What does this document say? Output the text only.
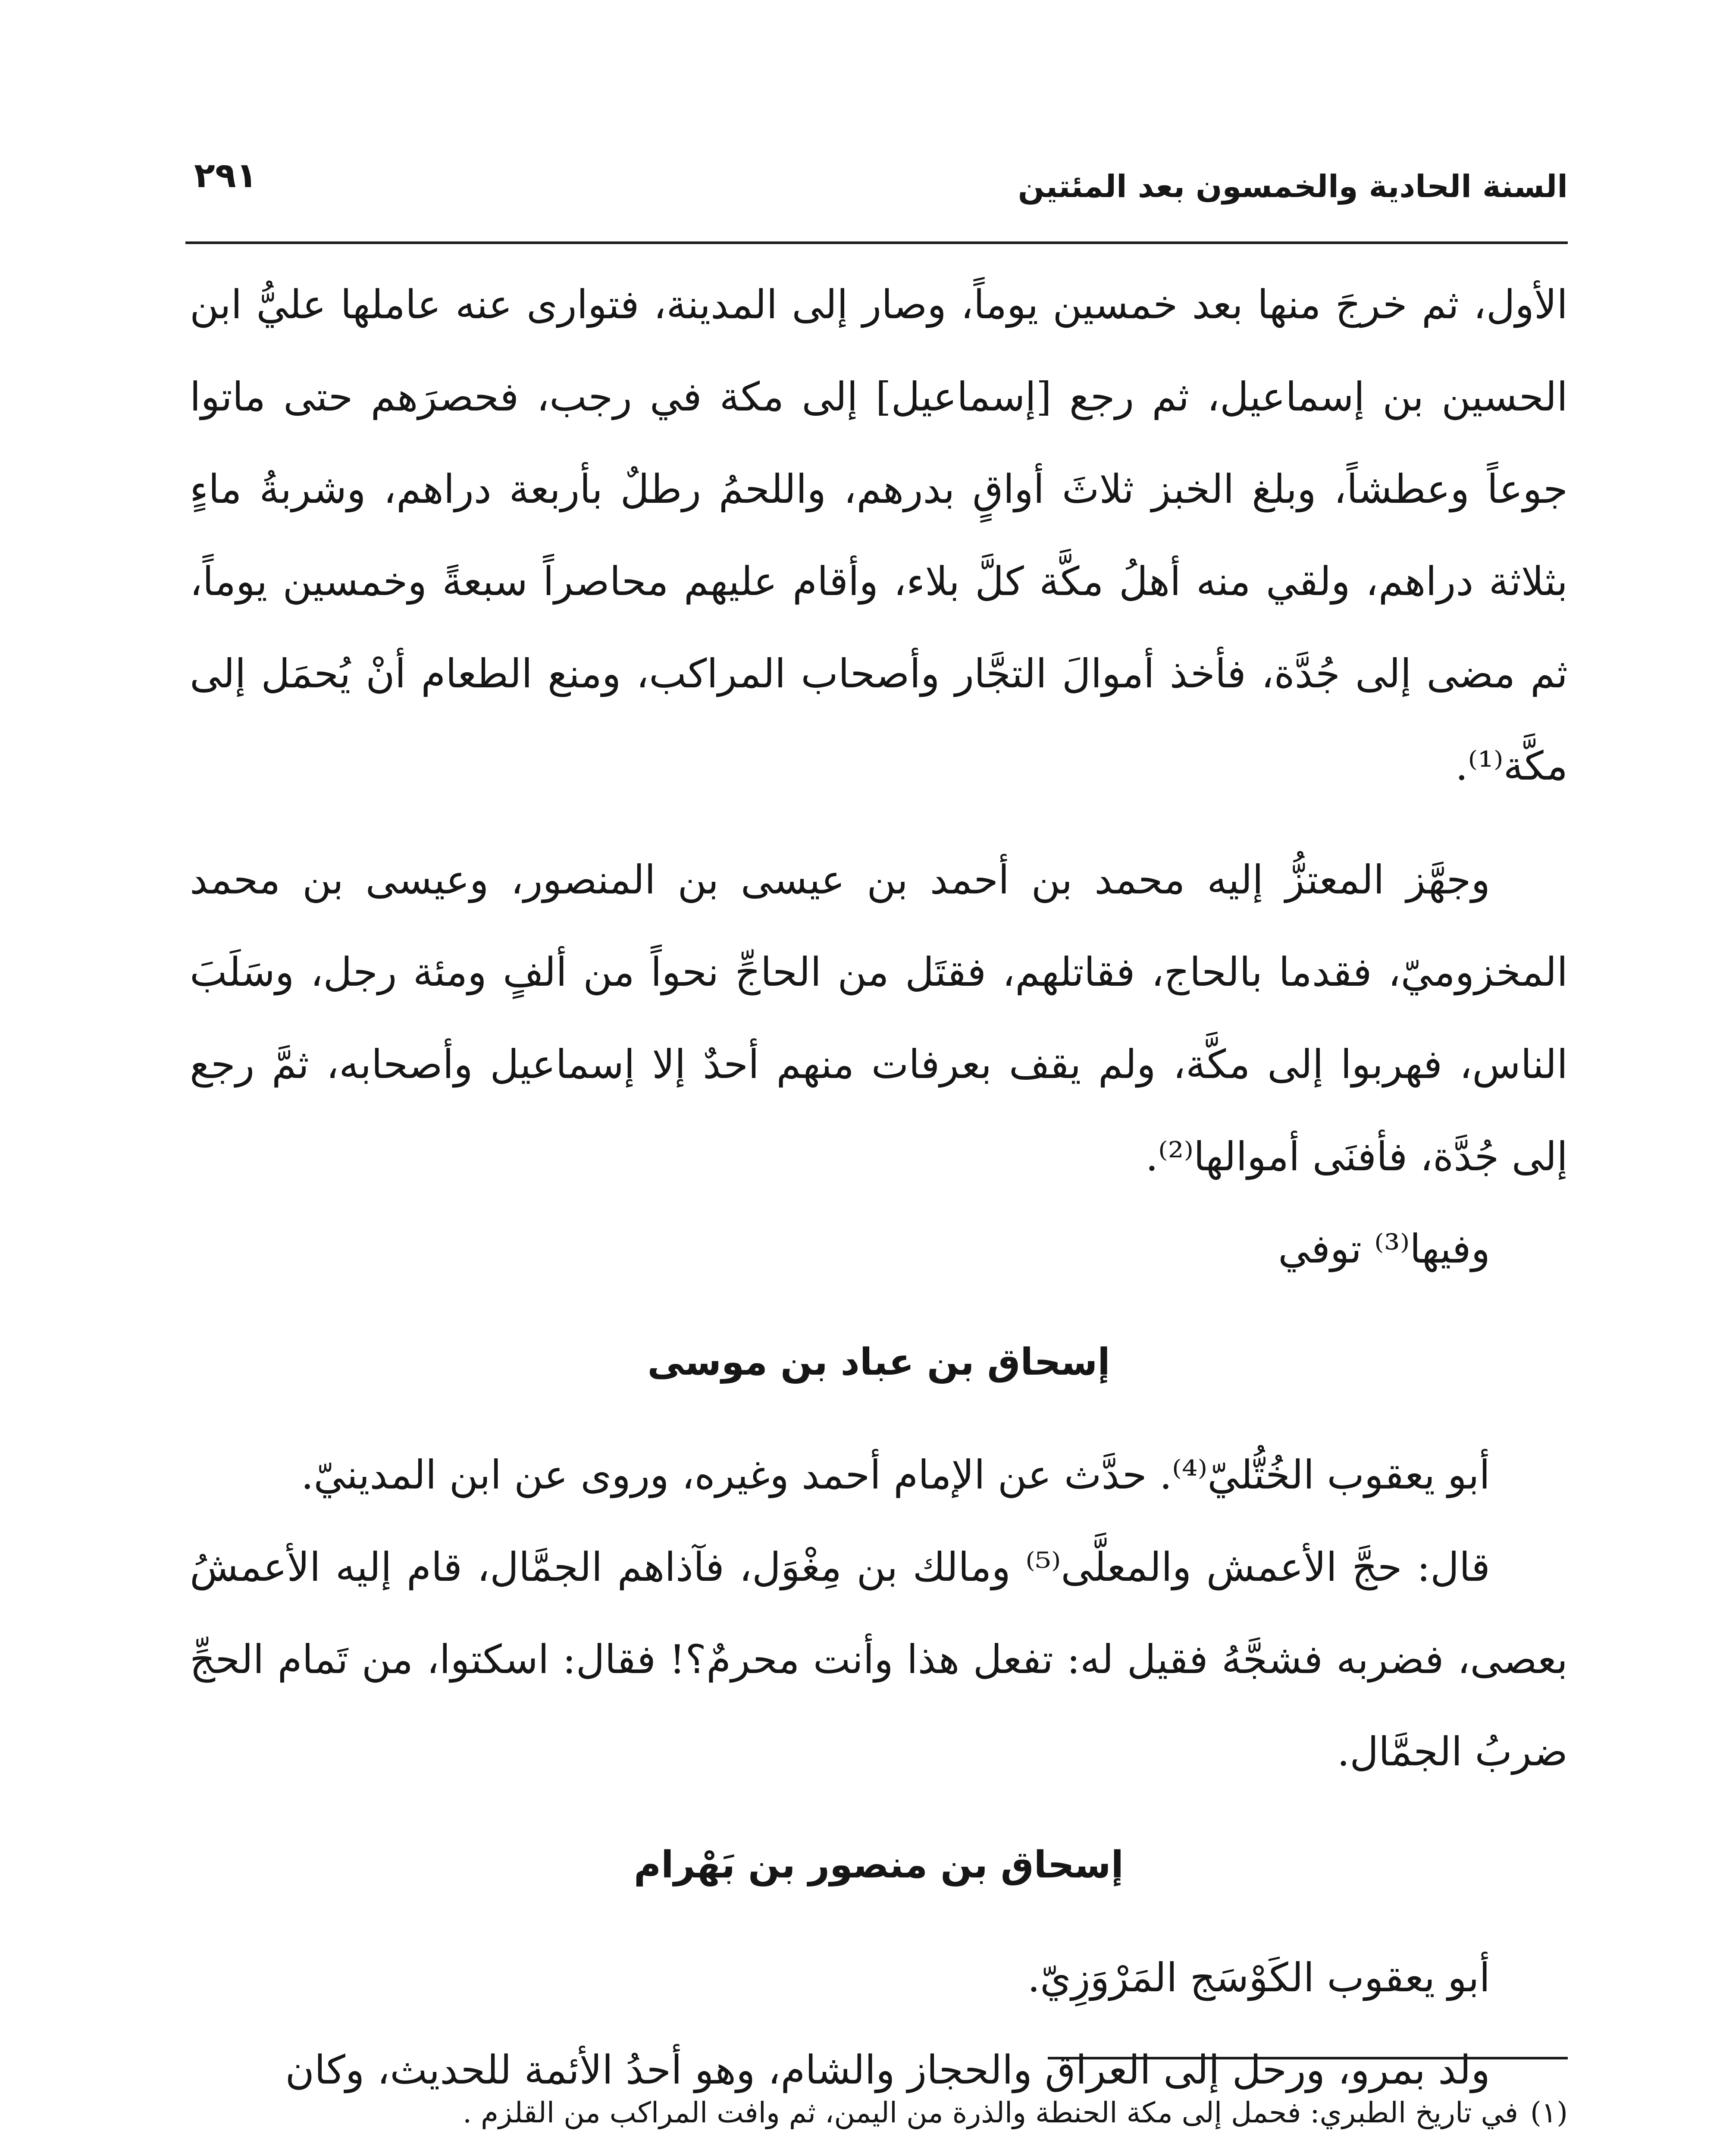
السنة الحادية والخمسون بعد المئتين
٢٩١

الأول، ثم خرجَ منها بعد خمسين يوماً، وصار إلى المدينة، فتوارى عنه عاملها عليُّ ابن الحسين بن إسماعيل، ثم رجع [إسماعيل] إلى مكة في رجب، فحصرَهم حتى ماتوا جوعاً وعطشاً، وبلغ الخبز ثلاثَ أواقٍ بدرهم، واللحمُ رطلٌ بأربعة دراهم، وشربةُ ماءٍ بثلاثة دراهم، ولقي منه أهلُ مكَّة كلَّ بلاء، وأقام عليهم محاصراً سبعةً وخمسين يوماً، ثم مضى إلى جُدَّة، فأخذ أموالَ التجَّار وأصحاب المراكب، ومنع الطعام أنْ يُحمَل إلى مكَّة⁽¹⁾.

وجهَّز المعتزُّ إليه محمد بن أحمد بن عيسى بن المنصور، وعيسى بن محمد المخزوميّ، فقدما بالحاج، فقاتلهم، فقتَل من الحاجِّ نحواً من ألفٍ ومئة رجل، وسَلَبَ الناس، فهربوا إلى مكَّة، ولم يقف بعرفات منهم أحدٌ إلا إسماعيل وأصحابه، ثمَّ رجع إلى جُدَّة، فأفنَى أموالها⁽²⁾.

وفيها⁽³⁾ توفي

إسحاق بن عباد بن موسى

أبو يعقوب الخُتُّليّ⁽⁴⁾. حدَّث عن الإمام أحمد وغيره، وروى عن ابن المدينيّ.

قال: حجَّ الأعمش والمعلَّى⁽⁵⁾ ومالك بن مِغْوَل، فآذاهم الجمَّال، قام إليه الأعمشُ بعصى، فضربه فشجَّهُ فقيل له: تفعل هذا وأنت محرمٌ؟! فقال: اسكتوا، من تَمام الحجِّ ضربُ الجمَّال.

إسحاق بن منصور بن بَهْرام

أبو يعقوب الكَوْسَج المَرْوَزِيّ.

ولد بمرو، ورحل إلى العراق والحجاز والشام، وهو أحدُ الأئمة للحديث، وكان

(١)في تاريخ الطبري: فحمل إلى مكة الحنطة والذرة من اليمن، ثم وافت المراكب من القلزم .
